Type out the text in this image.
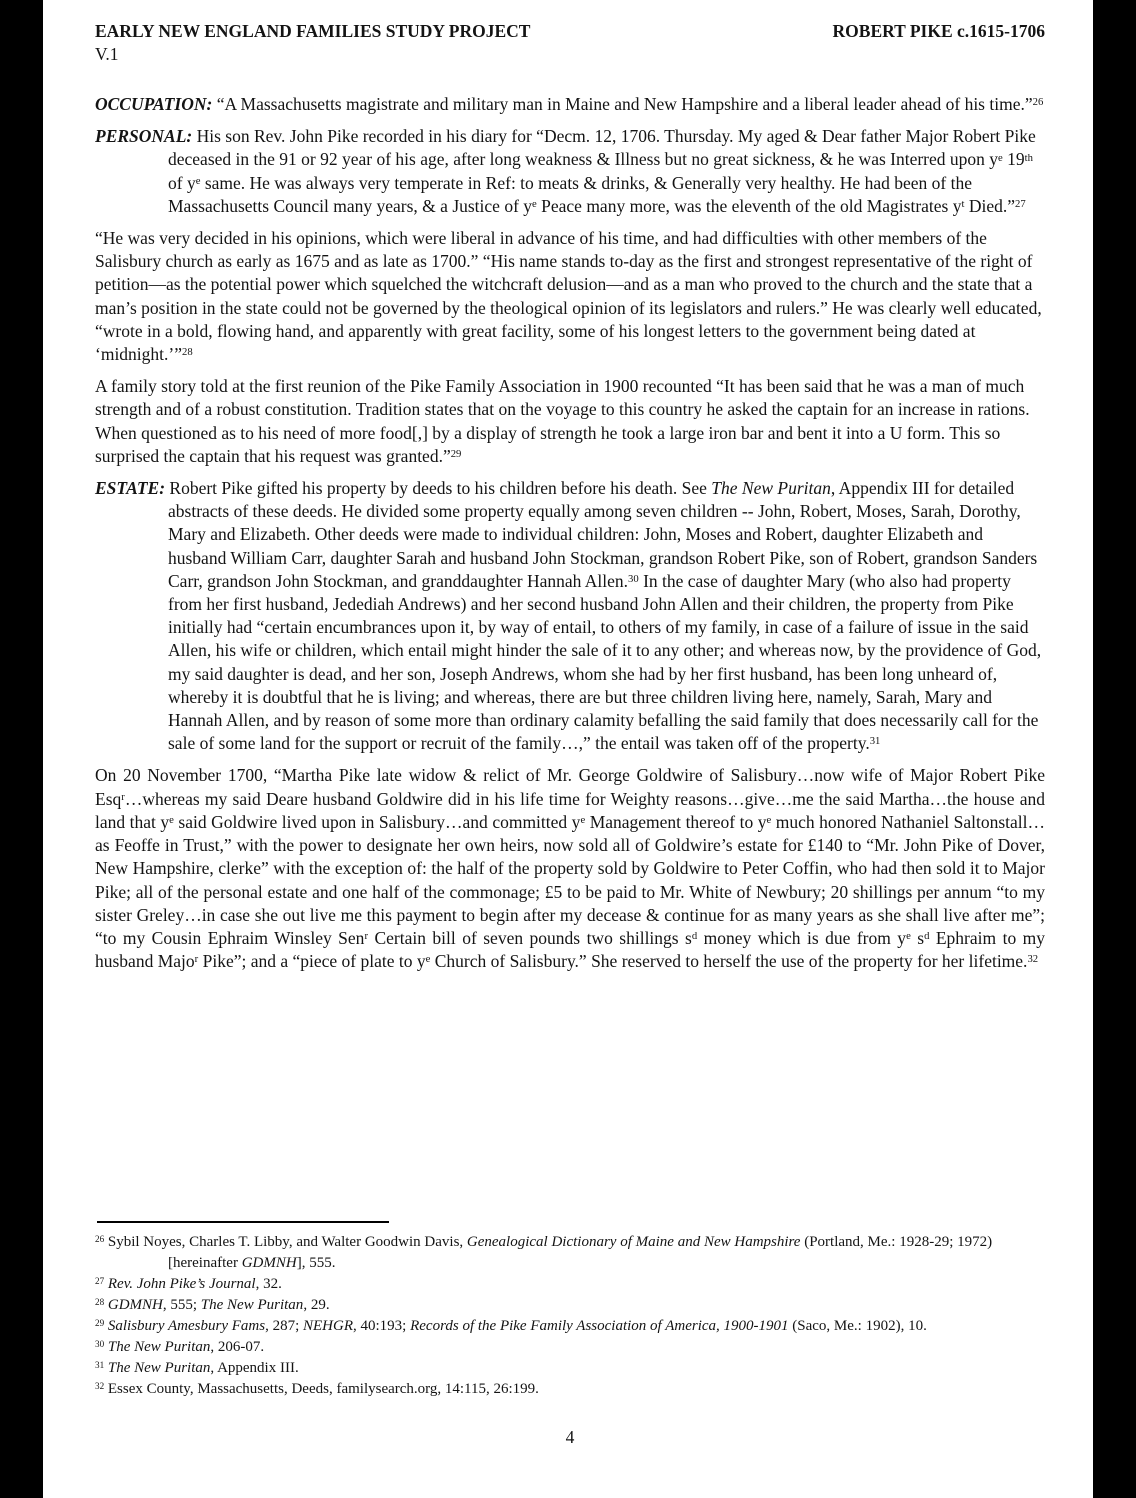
EARLY NEW ENGLAND FAMILIES STUDY PROJECT	ROBERT PIKE c.1615-1706
V.1

OCCUPATION: “A Massachusetts magistrate and military man in Maine and New Hampshire and a liberal leader ahead of his time.”$^{26}$

PERSONAL: His son Rev. John Pike recorded in his diary for “Decm. 12, 1706. Thursday. My aged & Dear father Major Robert Pike deceased in the 91 or 92 year of his age, after long weakness & Illness but no great sickness, & he was Interred upon $y^e$ 19th of $y^e$ same. He was always very temperate in Ref: to meats & drinks, & Generally very healthy. He had been of the Massachusetts Council many years, & a Justice of $y^e$ Peace many more, was the eleventh of the old Magistrates $y^t$ Died.”$^{27}$

“He was very decided in his opinions, which were liberal in advance of his time, and had difficulties with other members of the Salisbury church as early as 1675 and as late as 1700.” “His name stands to-day as the first and strongest representative of the right of petition—as the potential power which squelched the witchcraft delusion—and as a man who proved to the church and the state that a man’s position in the state could not be governed by the theological opinion of its legislators and rulers.” He was clearly well educated, “wrote in a bold, flowing hand, and apparently with great facility, some of his longest letters to the government being dated at ‘midnight.’”$^{28}$

A family story told at the first reunion of the Pike Family Association in 1900 recounted “It has been said that he was a man of much strength and of a robust constitution. Tradition states that on the voyage to this country he asked the captain for an increase in rations. When questioned as to his need of more food[,] by a display of strength he took a large iron bar and bent it into a U form. This so surprised the captain that his request was granted.”$^{29}$

ESTATE: Robert Pike gifted his property by deeds to his children before his death. See The New Puritan, Appendix III for detailed abstracts of these deeds. He divided some property equally among seven children -- John, Robert, Moses, Sarah, Dorothy, Mary and Elizabeth. Other deeds were made to individual children: John, Moses and Robert, daughter Elizabeth and husband William Carr, daughter Sarah and husband John Stockman, grandson Robert Pike, son of Robert, grandson Sanders Carr, grandson John Stockman, and granddaughter Hannah Allen.$^{30}$ In the case of daughter Mary (who also had property from her first husband, Jedediah Andrews) and her second husband John Allen and their children, the property from Pike initially had “certain encumbrances upon it, by way of entail, to others of my family, in case of a failure of issue in the said Allen, his wife or children, which entail might hinder the sale of it to any other; and whereas now, by the providence of God, my said daughter is dead, and her son, Joseph Andrews, whom she had by her first husband, has been long unheard of, whereby it is doubtful that he is living; and whereas, there are but three children living here, namely, Sarah, Mary and Hannah Allen, and by reason of some more than ordinary calamity befalling the said family that does necessarily call for the sale of some land for the support or recruit of the family…,” the entail was taken off of the property.$^{31}$

On 20 November 1700, “Martha Pike late widow & relict of Mr. George Goldwire of Salisbury…now wife of Major Robert Pike Esq$^r$…whereas my said Deare husband Goldwire did in his life time for Weighty reasons…give…me the said Martha…the house and land that $y^e$ said Goldwire lived upon in Salisbury…and committed $y^e$ Management thereof to $y^e$ much honored Nathaniel Saltonstall…as Feoffe in Trust,” with the power to designate her own heirs, now sold all of Goldwire’s estate for £140 to “Mr. John Pike of Dover, New Hampshire, clerke” with the exception of: the half of the property sold by Goldwire to Peter Coffin, who had then sold it to Major Pike; all of the personal estate and one half of the commonage; £5 to be paid to Mr. White of Newbury; 20 shillings per annum “to my sister Greley…in case she out live me this payment to begin after my decease & continue for as many years as she shall live after me”; “to my Cousin Ephraim Winsley Sen$^r$ Certain bill of seven pounds two shillings $s^d$ money which is due from $y^e$ $s^d$ Ephraim to my husband Majo$^r$ Pike”; and a “piece of plate to $y^e$ Church of Salisbury.” She reserved to herself the use of the property for her lifetime.$^{32}$

$^{26}$ Sybil Noyes, Charles T. Libby, and Walter Goodwin Davis, Genealogical Dictionary of Maine and New Hampshire (Portland, Me.: 1928-29; 1972) [hereinafter GDMNH], 555.

$^{27}$ Rev. John Pike’s Journal, 32.

$^{28}$ GDMNH, 555; The New Puritan, 29.

$^{29}$ Salisbury Amesbury Fams, 287; NEHGR, 40:193; Records of the Pike Family Association of America, 1900-1901 (Saco, Me.: 1902), 10.

$^{30}$ The New Puritan, 206-07.

$^{31}$ The New Puritan, Appendix III.

$^{32}$ Essex County, Massachusetts, Deeds, familysearch.org, 14:115, 26:199.

4
